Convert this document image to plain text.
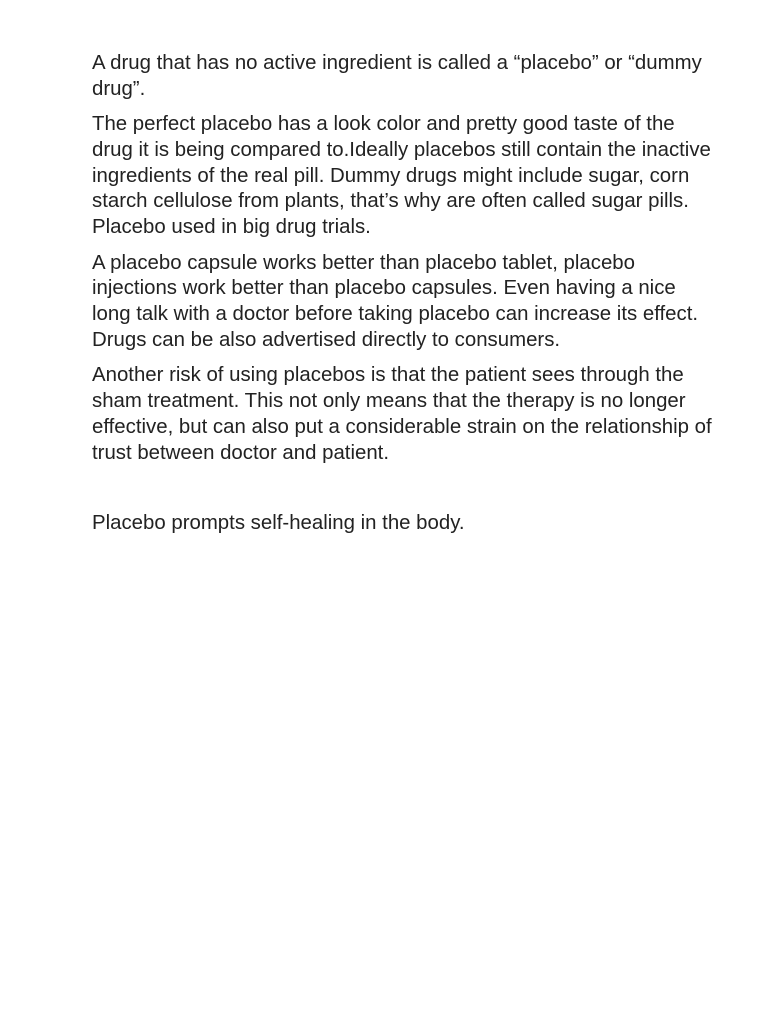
A drug that has no active ingredient is called a “placebo” or “dummy drug”.

The perfect placebo has a look color and pretty good taste of the drug it is being compared to.Ideally placebos still contain the inactive ingredients of the real pill. Dummy drugs might include sugar, corn starch cellulose from plants, that’s why are often called sugar pills. Placebo used in big drug trials.

A placebo capsule works better than placebo tablet, placebo injections work better than placebo capsules. Even having a nice long talk with a doctor before taking placebo can increase its effect.  Drugs can be also advertised directly to consumers.

Another risk of using placebos is that the patient sees through the sham treatment. This not only means that the therapy is no longer effective, but can also put a considerable strain on the relationship of trust between doctor and patient.

Placebo prompts self-healing in the body.
